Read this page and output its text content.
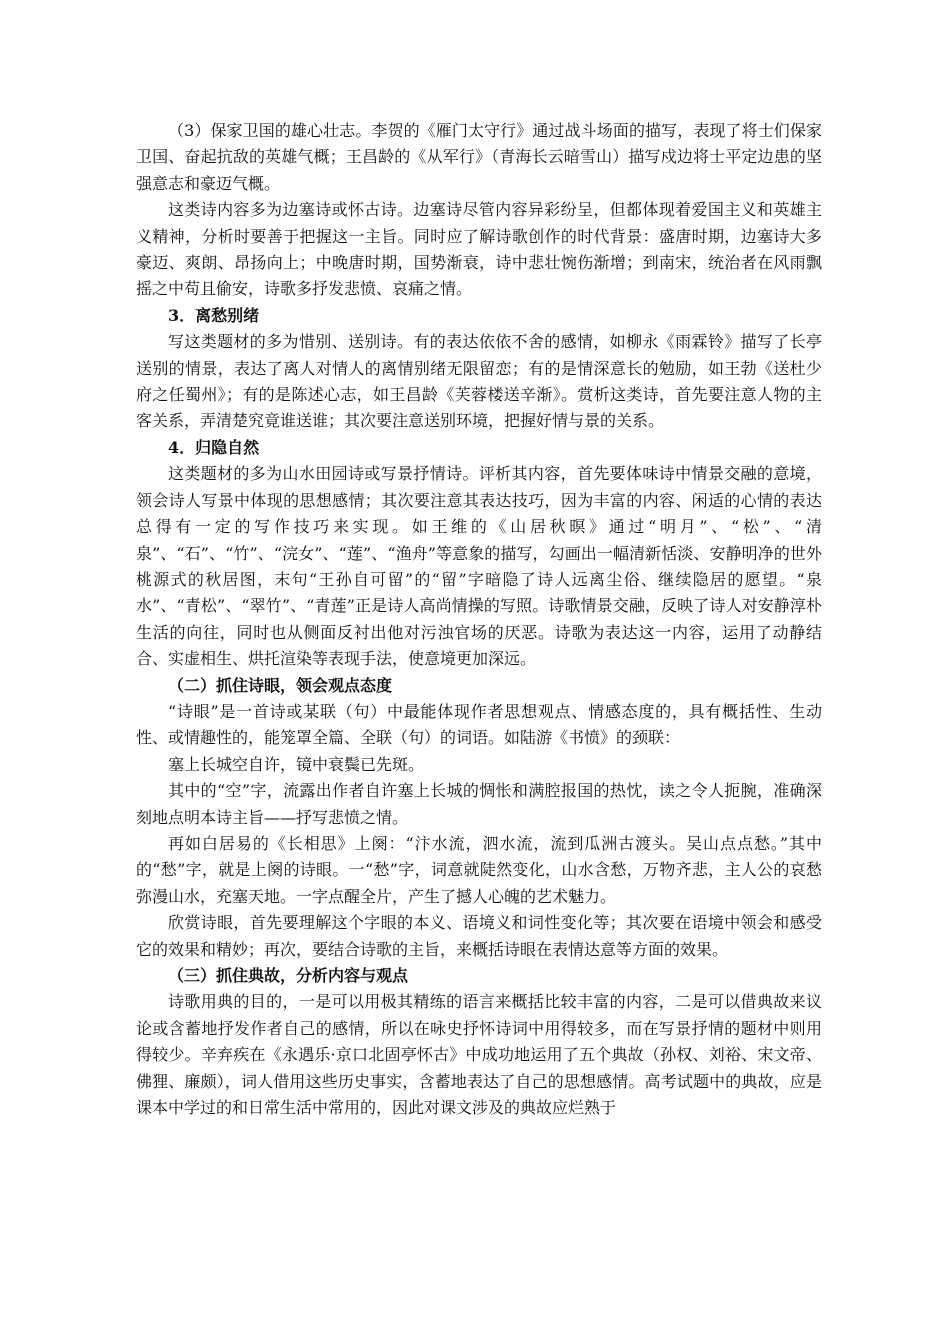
（3）保家卫国的雄心壮志。李贺的《雁门太守行》通过战斗场面的描写，表现了将士们保家卫国、奋起抗敌的英雄气概；王昌龄的《从军行》（青海长云暗雪山）描写戍边将士平定边患的坚强意志和豪迈气概。

这类诗内容多为边塞诗或怀古诗。边塞诗尽管内容异彩纷呈，但都体现着爱国主义和英雄主义精神，分析时要善于把握这一主旨。同时应了解诗歌创作的时代背景：盛唐时期，边塞诗大多豪迈、爽朗、昂扬向上；中晚唐时期，国势渐衰，诗中悲壮惋伤渐增；到南宋，统治者在风雨飘摇之中苟且偷安，诗歌多抒发悲愤、哀痛之情。

3．离愁别绪

写这类题材的多为惜别、送别诗。有的表达依依不舍的感情，如柳永《雨霖铃》描写了长亭送别的情景，表达了离人对情人的离情别绪无限留恋；有的是情深意长的勉励，如王勃《送杜少府之任蜀州》；有的是陈述心志，如王昌龄《芙蓉楼送辛渐》。赏析这类诗，首先要注意人物的主客关系，弄清楚究竟谁送谁；其次要注意送别环境，把握好情与景的关系。

4．归隐自然

这类题材的多为山水田园诗或写景抒情诗。评析其内容，首先要体味诗中情景交融的意境，领会诗人写景中体现的思想感情；其次要注意其表达技巧，因为丰富的内容、闲适的心情的表达总得有一定的写作技巧来实现。如王维的《山居秋暝》通过“明月”、“松”、“清泉”、“石”、“竹”、“浣女”、“莲”、“渔舟”等意象的描写，勾画出一幅清新恬淡、安静明净的世外桃源式的秋居图，末句“王孙自可留”的“留”字暗隐了诗人远离尘俗、继续隐居的愿望。“泉水”、“青松”、“翠竹”、“青莲”正是诗人高尚情操的写照。诗歌情景交融，反映了诗人对安静淳朴生活的向往，同时也从侧面反衬出他对污浊官场的厌恶。诗歌为表达这一内容，运用了动静结合、实虚相生、烘托渲染等表现手法，使意境更加深远。

（二）抓住诗眼，领会观点态度

“诗眼”是一首诗或某联（句）中最能体现作者思想观点、情感态度的，具有概括性、生动性、或情趣性的，能笼罩全篇、全联（句）的词语。如陆游《书愤》的颈联：

塞上长城空自许，镜中衰鬓已先斑。

其中的“空”字，流露出作者自许塞上长城的惆怅和满腔报国的热忱，读之令人扼腕，准确深刻地点明本诗主旨——抒写悲愤之情。

再如白居易的《长相思》上阕：“汴水流，泗水流，流到瓜洲古渡头。吴山点点愁。”其中的“愁”字，就是上阕的诗眼。一“愁”字，词意就陡然变化，山水含愁，万物齐悲，主人公的哀愁弥漫山水，充塞天地。一字点醒全片，产生了撼人心魄的艺术魅力。

欣赏诗眼，首先要理解这个字眼的本义、语境义和词性变化等；其次要在语境中领会和感受它的效果和精妙；再次，要结合诗歌的主旨，来概括诗眼在表情达意等方面的效果。

（三）抓住典故，分析内容与观点

诗歌用典的目的，一是可以用极其精练的语言来概括比较丰富的内容，二是可以借典故来议论或含蓄地抒发作者自己的感情，所以在咏史抒怀诗词中用得较多，而在写景抒情的题材中则用得较少。辛弃疾在《永遇乐·京口北固亭怀古》中成功地运用了五个典故（孙权、刘裕、宋文帝、佛狸、廉颇），词人借用这些历史事实，含蓄地表达了自己的思想感情。高考试题中的典故，应是课本中学过的和日常生活中常用的，因此对课文涉及的典故应烂熟于
